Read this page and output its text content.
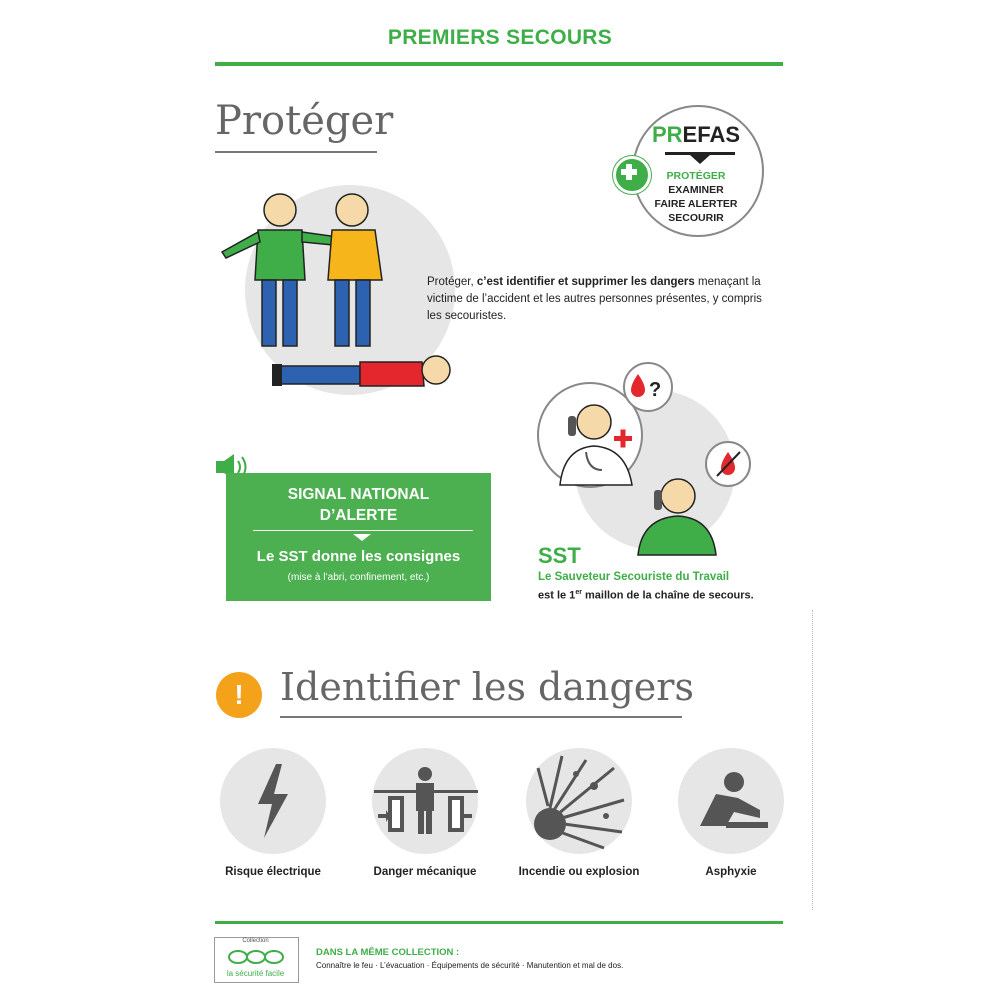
PREMIERS SECOURS
Protéger	PREFAS
PROTÉGER
EXAMINER
FAIRE ALERTER
SECOURIR
Protéger, c’est identifier et supprimer les dangers menaçant la victime de l’accident et les autres personnes présentes, y compris les secouristes.
SIGNAL NATIONAL
D’ALERTE
Le SST donne les consignes
(mise à l’abri, confinement, etc.)
?
SST
Le Sauveteur Secouriste du Travail
est le 1er maillon de la chaîne de secours.
! Identifier les dangers
Risque électrique	Danger mécanique	Incendie ou explosion	Asphyxie
Collection
la sécurité facile
DANS LA MÊME COLLECTION :
Connaître le feu · L’évacuation · Équipements de sécurité · Manutention et mal de dos.
